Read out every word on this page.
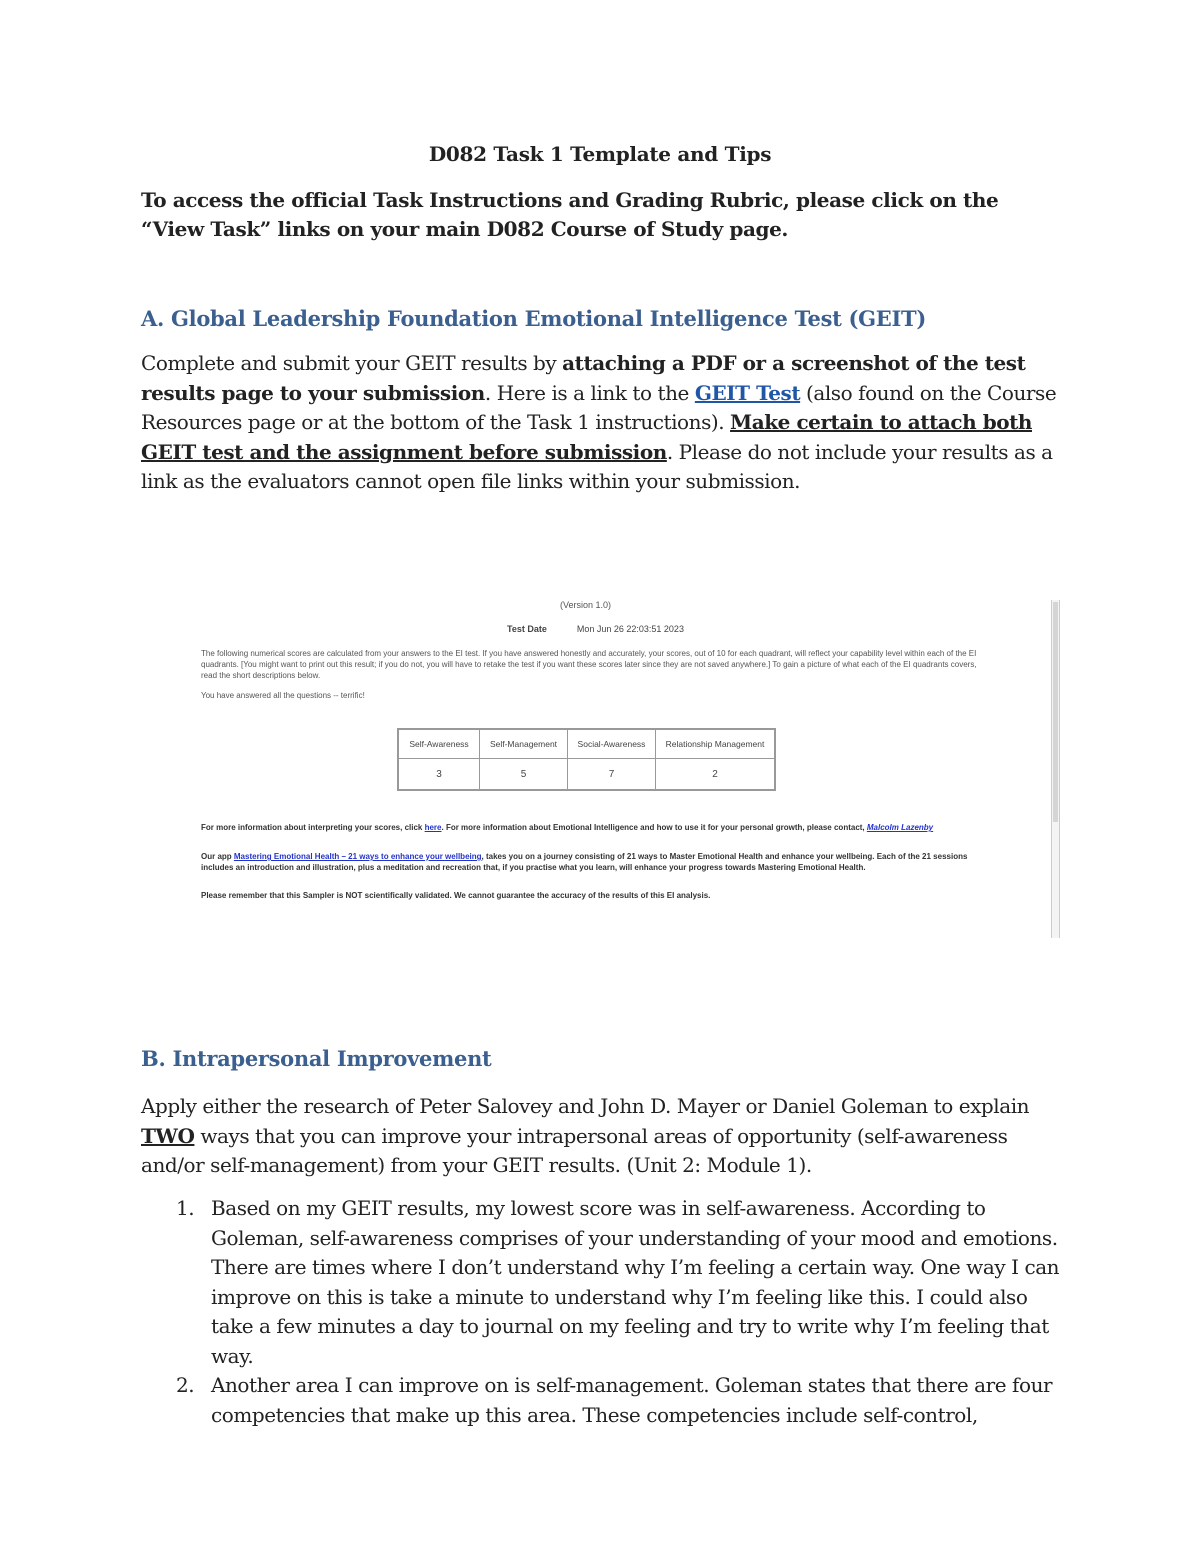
D082 Task 1 Template and Tips
To access the official Task Instructions and Grading Rubric, please click on the “View Task” links on your main D082 Course of Study page.
A. Global Leadership Foundation Emotional Intelligence Test (GEIT)
Complete and submit your GEIT results by attaching a PDF or a screenshot of the test results page to your submission. Here is a link to the GEIT Test (also found on the Course Resources page or at the bottom of the Task 1 instructions). Make certain to attach both GEIT test and the assignment before submission. Please do not include your results as a link as the evaluators cannot open file links within your submission.
(Version 1.0)
Test Date	Mon Jun 26 22:03:51 2023
The following numerical scores are calculated from your answers to the EI test. If you have answered honestly and accurately, your scores, out of 10 for each quadrant, will reflect your capability level within each of the EI quadrants. [You might want to print out this result; if you do not, you will have to retake the test if you want these scores later since they are not saved anywhere.] To gain a picture of what each of the EI quadrants covers, read the short descriptions below.
You have answered all the questions -- terrific!
Self-Awareness	Self-Management	Social-Awareness	Relationship Management
3	5	7	2
For more information about interpreting your scores, click here. For more information about Emotional Intelligence and how to use it for your personal growth, please contact, Malcolm Lazenby
Our app Mastering Emotional Health – 21 ways to enhance your wellbeing, takes you on a journey consisting of 21 ways to Master Emotional Health and enhance your wellbeing. Each of the 21 sessions includes an introduction and illustration, plus a meditation and recreation that, if you practise what you learn, will enhance your progress towards Mastering Emotional Health.
Please remember that this Sampler is NOT scientifically validated. We cannot guarantee the accuracy of the results of this EI analysis.
B. Intrapersonal Improvement
Apply either the research of Peter Salovey and John D. Mayer or Daniel Goleman to explain TWO ways that you can improve your intrapersonal areas of opportunity (self-awareness and/or self-management) from your GEIT results. (Unit 2: Module 1).
1. Based on my GEIT results, my lowest score was in self-awareness. According to Goleman, self-awareness comprises of your understanding of your mood and emotions. There are times where I don’t understand why I’m feeling a certain way. One way I can improve on this is take a minute to understand why I’m feeling like this. I could also take a few minutes a day to journal on my feeling and try to write why I’m feeling that way.
2. Another area I can improve on is self-management. Goleman states that there are four competencies that make up this area. These competencies include self-control,
